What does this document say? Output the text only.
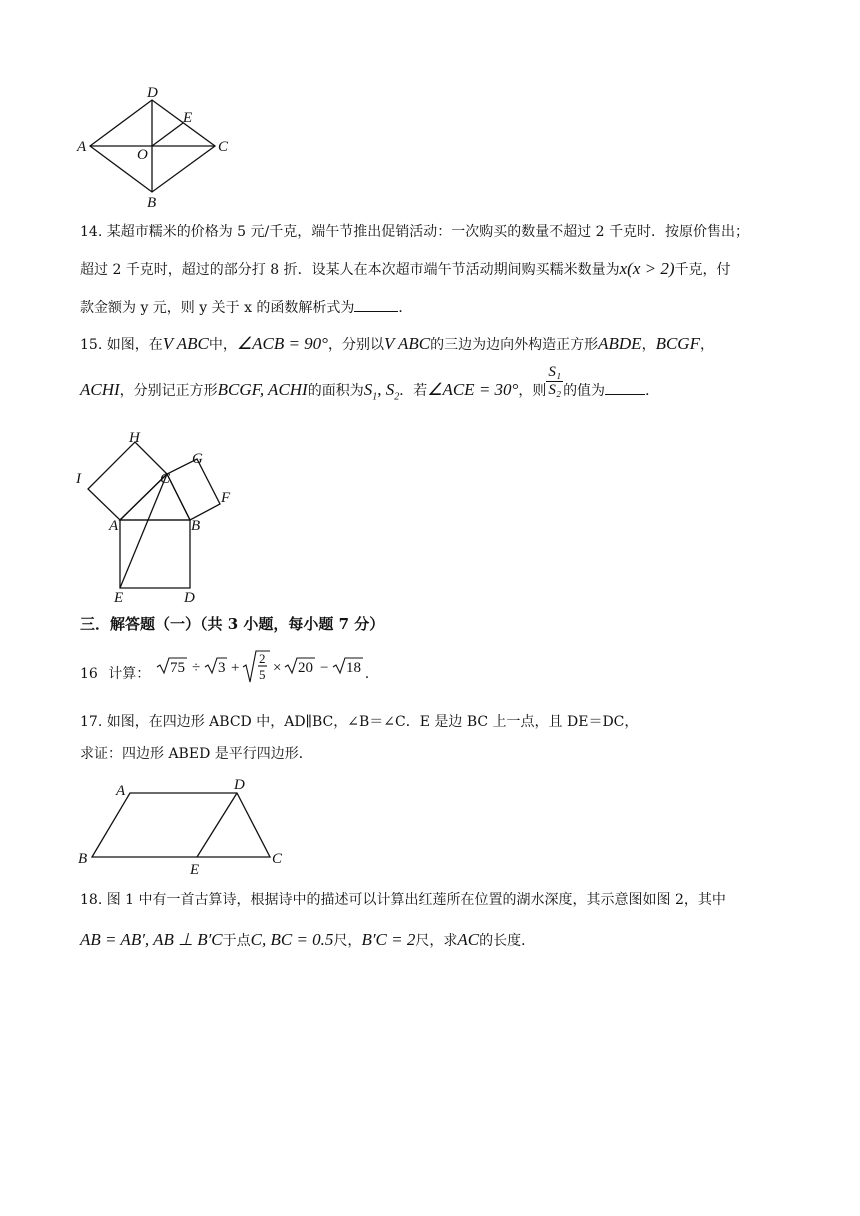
D
E
A	O	C
B
14. 某超市糯米的价格为 5 元/千克，端午节推出促销活动：一次购买的数量不超过 2 千克时．按原价售出；
超过 2 千克时，超过的部分打 8 折．设某人在本次超市端午节活动期间购买糯米数量为x(x > 2)千克，付
款金额为 y 元，则 y 关于 x 的函数解析式为	．
15. 如图，在V ABC中，∠ACB = 90°，分别以V ABC的三边为边向外构造正方形ABDE，BCGF，
ACHI，分别记正方形BCGF, ACHI的面积为$S_1$, $S_2$．若∠ACE = 30°，则 $\frac{\text{S₁}}{\text{S₂}}$ 的值为	．
H
G
I	C
F
A	B
E	D
三．解答题（一）（共 3 小题，每小题 7 分）
16 计算： 75 ÷ 3 +
2
5 × 20 − 18 .
17. 如图，在四边形 ABCD 中，AD∥BC，∠B＝∠C．E 是边 BC 上一点，且 DE＝DC，
求证：四边形 ABED 是平行四边形．
A	D
B
E
C
18. 图 1 中有一首古算诗，根据诗中的描述可以计算出红莲所在位置的湖水深度，其示意图如图 2，其中
AB = AB′, AB ⊥ B′C于点C, BC = 0.5尺，B′C = 2尺，求AC的长度．
